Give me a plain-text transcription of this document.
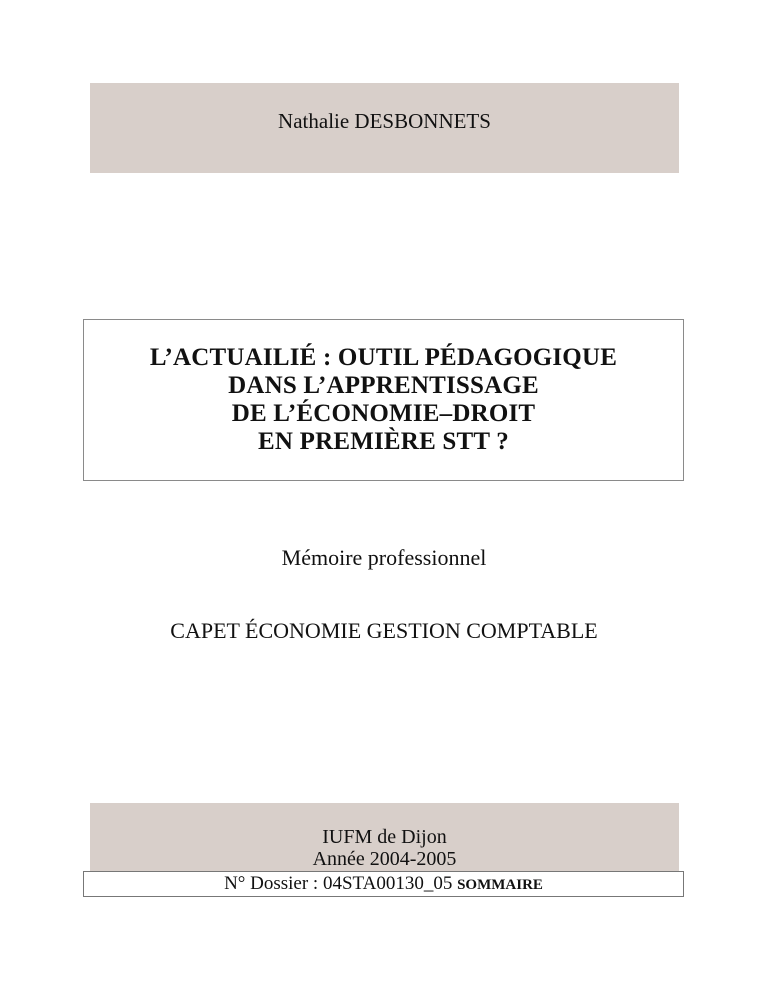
Nathalie DESBONNETS
L’ACTUAILIÉ : OUTIL PÉDAGOGIQUE
DANS L’APPRENTISSAGE
DE L’ÉCONOMIE–DROIT
EN PREMIÈRE STT ?
Mémoire professionnel
CAPET ÉCONOMIE GESTION COMPTABLE
IUFM de Dijon
Année 2004-2005
N° Dossier : 04STA00130_05 SOMMAIRE
